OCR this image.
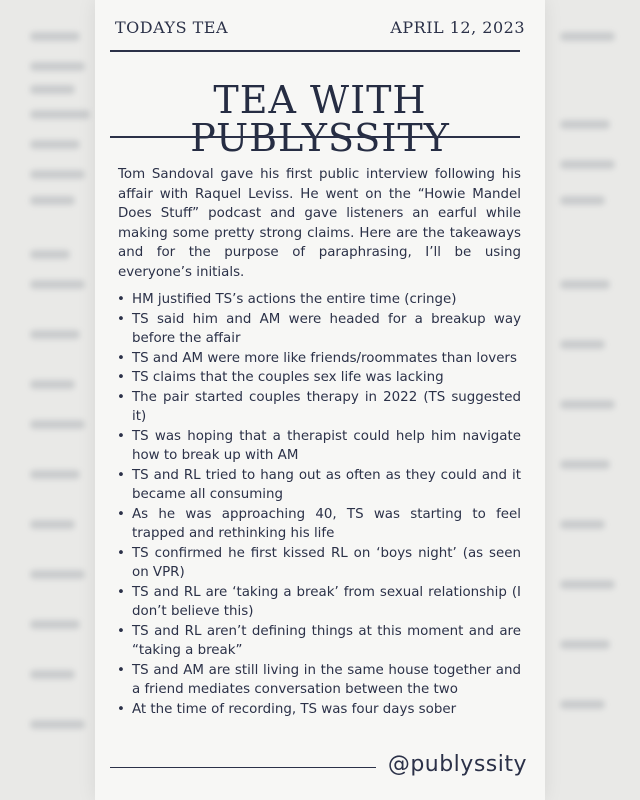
TODAYS TEA	APRIL 12, 2023
TEA WITH
PUBLYSSITY

Tom Sandoval gave his first public interview following his affair with Raquel Leviss. He went on the “Howie Mandel Does Stuff” podcast and gave listeners an earful while making some pretty strong claims. Here are the takeaways and for the purpose of paraphrasing, I’ll be using everyone’s initials.

• HM justified TS’s actions the entire time (cringe)
• TS said him and AM were headed for a breakup way before the affair
• TS and AM were more like friends/roommates than lovers
• TS claims that the couples sex life was lacking
• The pair started couples therapy in 2022 (TS suggested it)
• TS was hoping that a therapist could help him navigate how to break up with AM
• TS and RL tried to hang out as often as they could and it became all consuming
• As he was approaching 40, TS was starting to feel trapped and rethinking his life
• TS confirmed he first kissed RL on ‘boys night’ (as seen on VPR)
• TS and RL are ‘taking a break’ from sexual relationship (I don’t believe this)
• TS and RL aren’t defining things at this moment and are “taking a break”
• TS and AM are still living in the same house together and a friend mediates conversation between the two
• At the time of recording, TS was four days sober
@publyssity
